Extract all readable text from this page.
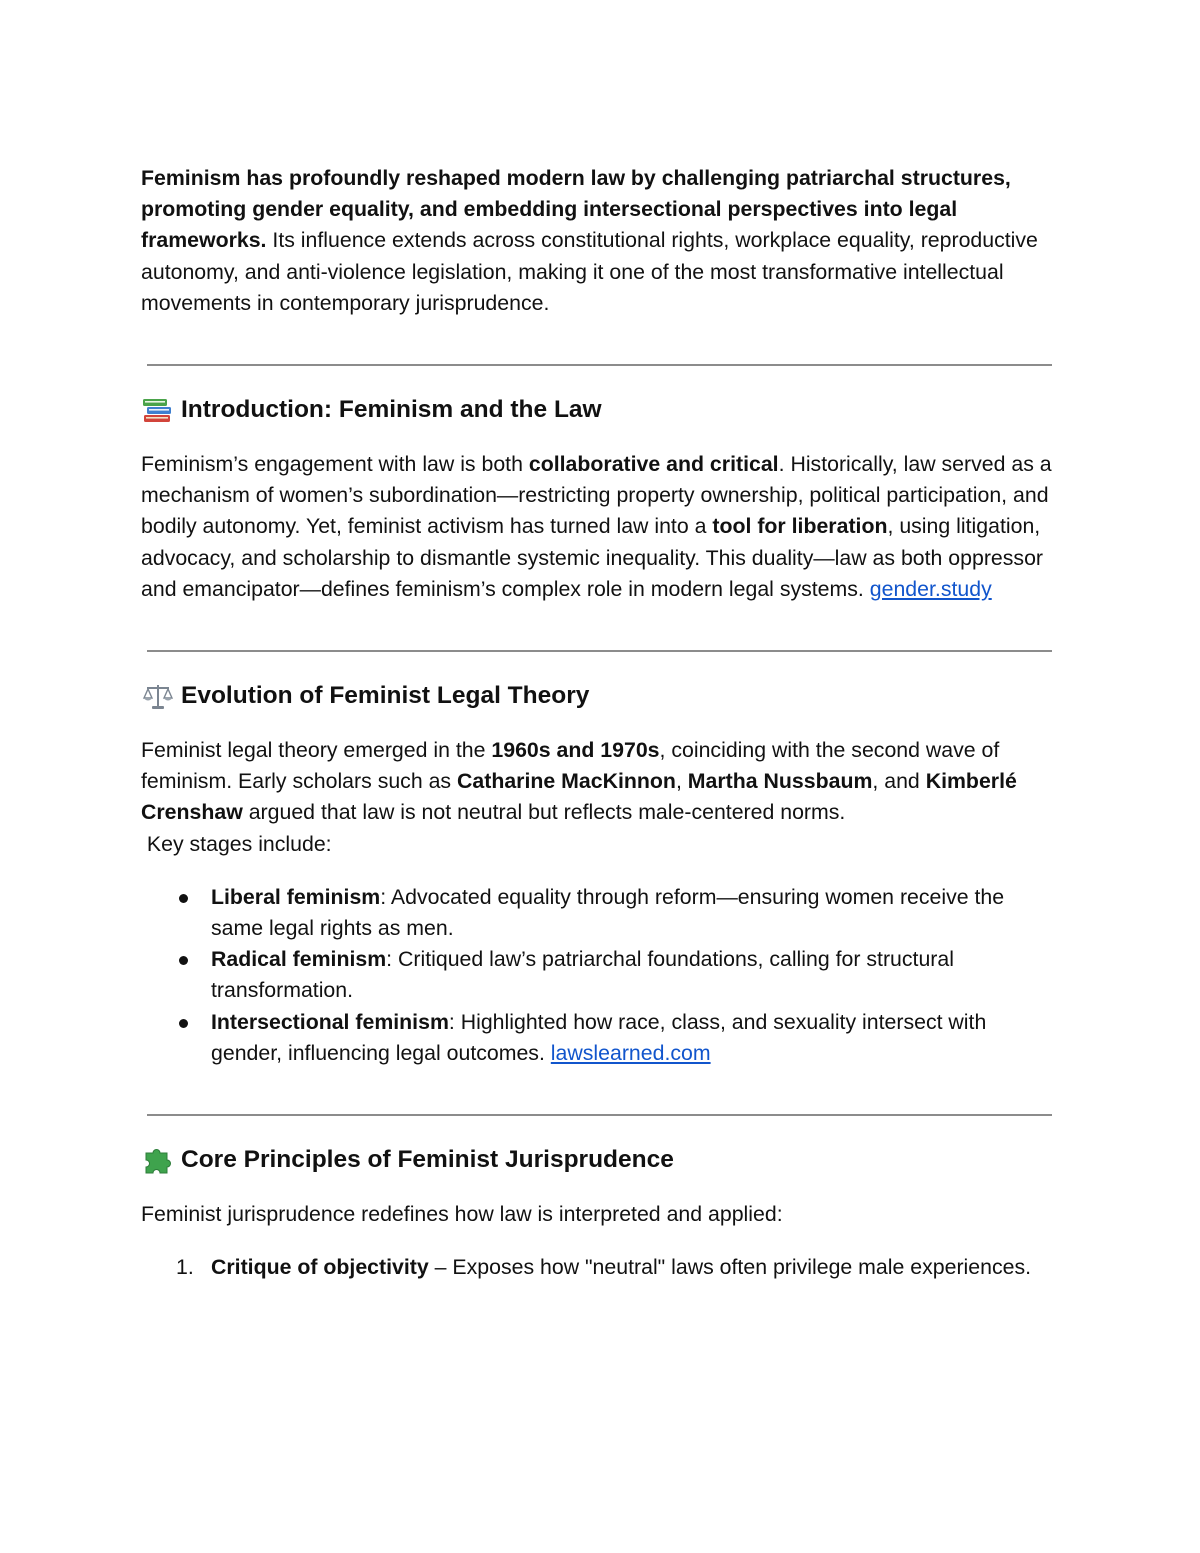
Feminism has profoundly reshaped modern law by challenging patriarchal structures, promoting gender equality, and embedding intersectional perspectives into legal frameworks. Its influence extends across constitutional rights, workplace equality, reproductive autonomy, and anti-violence legislation, making it one of the most transformative intellectual movements in contemporary jurisprudence.

Introduction: Feminism and the Law

Feminism’s engagement with law is both collaborative and critical. Historically, law served as a mechanism of women’s subordination—restricting property ownership, political participation, and bodily autonomy. Yet, feminist activism has turned law into a tool for liberation, using litigation, advocacy, and scholarship to dismantle systemic inequality. This duality—law as both oppressor and emancipator—defines feminism’s complex role in modern legal systems. gender.study

Evolution of Feminist Legal Theory

Feminist legal theory emerged in the 1960s and 1970s, coinciding with the second wave of feminism. Early scholars such as Catharine MacKinnon, Martha Nussbaum, and Kimberlé Crenshaw argued that law is not neutral but reflects male-centered norms.

Key stages include:

Liberal feminism: Advocated equality through reform—ensuring women receive the same legal rights as men.
Radical feminism: Critiqued law’s patriarchal foundations, calling for structural transformation.
Intersectional feminism: Highlighted how race, class, and sexuality intersect with gender, influencing legal outcomes. lawslearned.com
Core Principles of Feminist Jurisprudence

Feminist jurisprudence redefines how law is interpreted and applied:

1. Critique of objectivity – Exposes how "neutral" laws often privilege male experiences.
